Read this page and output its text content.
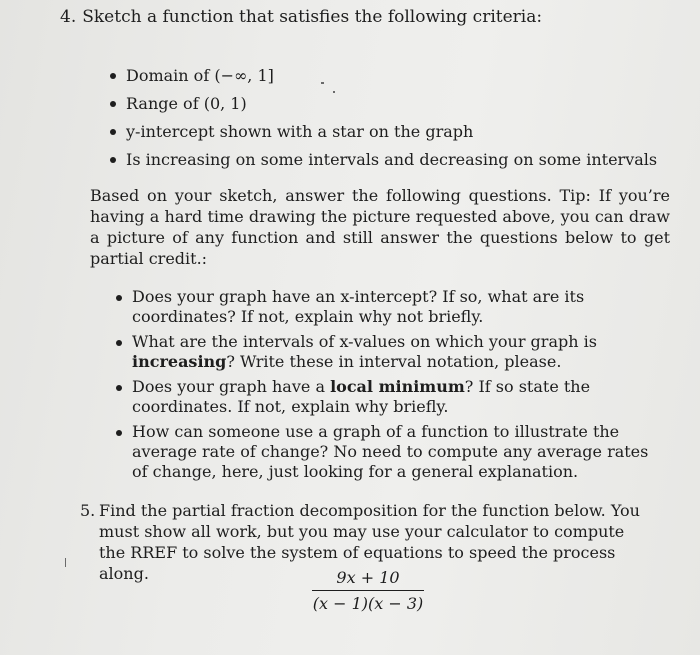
4. Sketch a function that satisfies the following criteria:
Domain of (−∞, 1]
Range of (0, 1)
y-intercept shown with a star on the graph
Is increasing on some intervals and decreasing on some intervals
Based on your sketch, answer the following questions. Tip: If you’re having a hard time drawing the picture requested above, you can draw a picture of any function and still answer the questions below to get partial credit.:
Does your graph have an x-intercept? If so, what are its coordinates? If not, explain why not briefly.
What are the intervals of x-values on which your graph is increasing? Write these in interval notation, please.
Does your graph have a local minimum? If so state the coordinates. If not, explain why briefly.
How can someone use a graph of a function to illustrate the average rate of change? No need to compute any average rates of change, here, just looking for a general explanation.
5. Find the partial fraction decomposition for the function below. You must show all work, but you may use your calculator to compute the RREF to solve the system of equations to speed the process along.	9x + 10
(x − 1)(x − 3)
